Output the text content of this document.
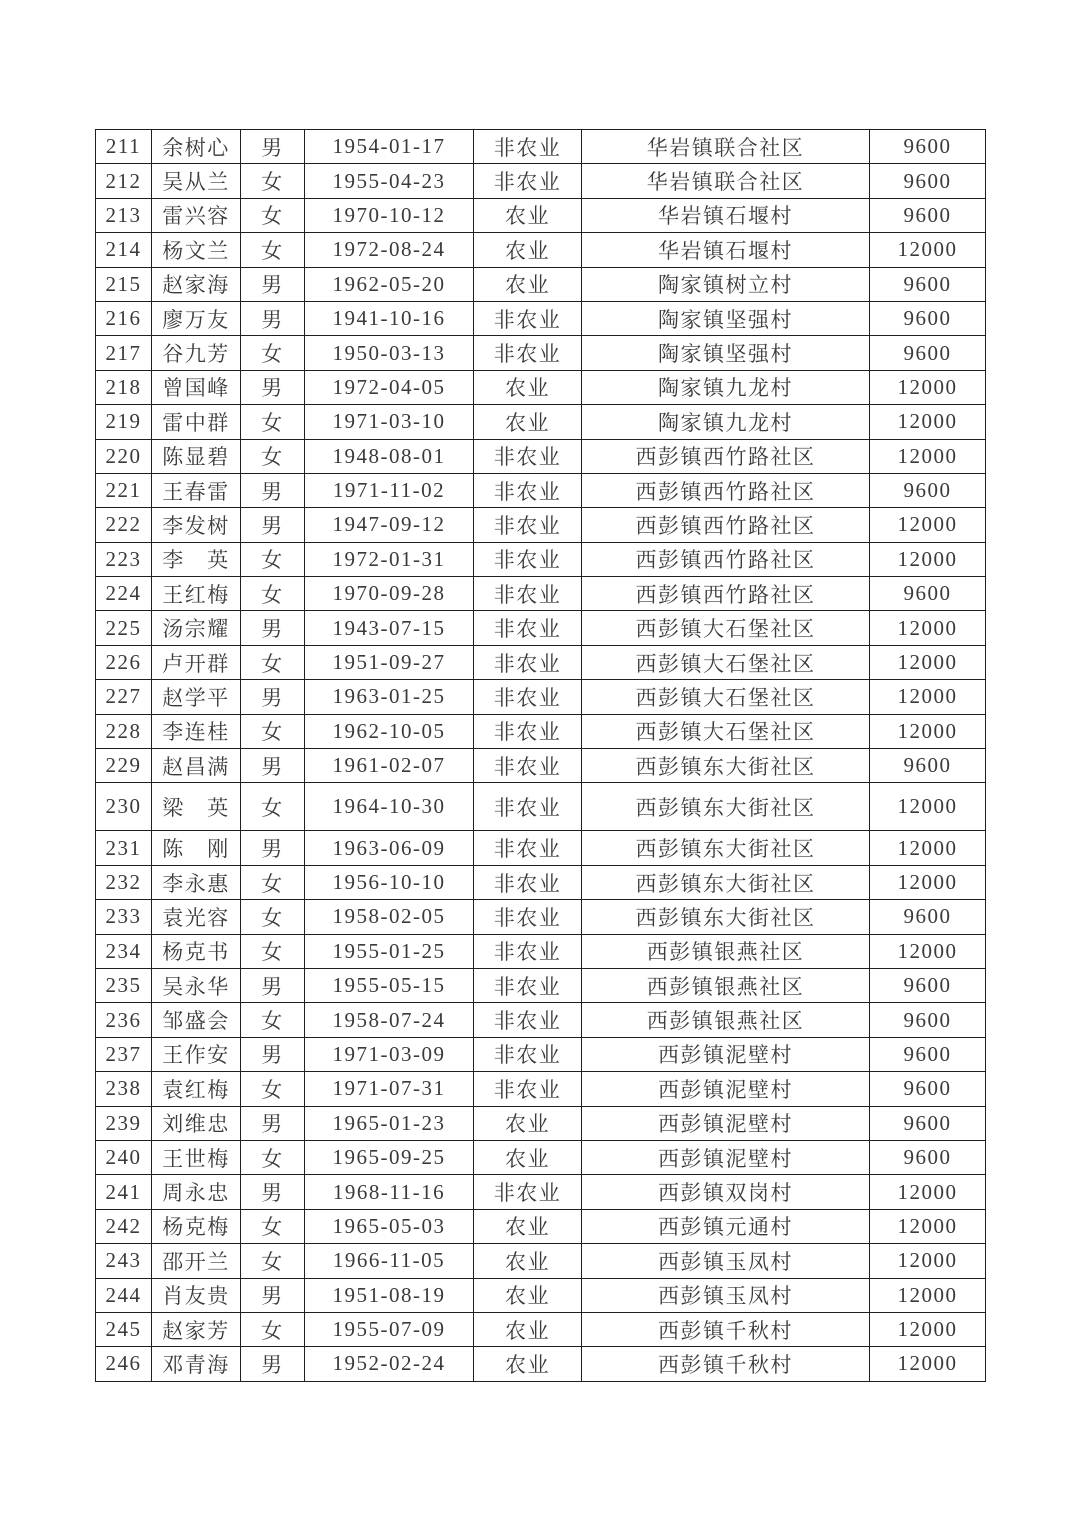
211	余树心	男	1954-01-17	非农业	华岩镇联合社区	9600
212	吴从兰	女	1955-04-23	非农业	华岩镇联合社区	9600
213	雷兴容	女	1970-10-12	农业	华岩镇石堰村	9600
214	杨文兰	女	1972-08-24	农业	华岩镇石堰村	12000
215	赵家海	男	1962-05-20	农业	陶家镇树立村	9600
216	廖万友	男	1941-10-16	非农业	陶家镇坚强村	9600
217	谷九芳	女	1950-03-13	非农业	陶家镇坚强村	9600
218	曾国峰	男	1972-04-05	农业	陶家镇九龙村	12000
219	雷中群	女	1971-03-10	农业	陶家镇九龙村	12000
220	陈显碧	女	1948-08-01	非农业	西彭镇西竹路社区	12000
221	王春雷	男	1971-11-02	非农业	西彭镇西竹路社区	9600
222	李发树	男	1947-09-12	非农业	西彭镇西竹路社区	12000
223	李　英	女	1972-01-31	非农业	西彭镇西竹路社区	12000
224	王红梅	女	1970-09-28	非农业	西彭镇西竹路社区	9600
225	汤宗耀	男	1943-07-15	非农业	西彭镇大石堡社区	12000
226	卢开群	女	1951-09-27	非农业	西彭镇大石堡社区	12000
227	赵学平	男	1963-01-25	非农业	西彭镇大石堡社区	12000
228	李连桂	女	1962-10-05	非农业	西彭镇大石堡社区	12000
229	赵昌满	男	1961-02-07	非农业	西彭镇东大街社区	9600
230	梁　英	女	1964-10-30	非农业	西彭镇东大街社区	12000
231	陈　刚	男	1963-06-09	非农业	西彭镇东大街社区	12000
232	李永惠	女	1956-10-10	非农业	西彭镇东大街社区	12000
233	袁光容	女	1958-02-05	非农业	西彭镇东大街社区	9600
234	杨克书	女	1955-01-25	非农业	西彭镇银燕社区	12000
235	吴永华	男	1955-05-15	非农业	西彭镇银燕社区	9600
236	邹盛会	女	1958-07-24	非农业	西彭镇银燕社区	9600
237	王作安	男	1971-03-09	非农业	西彭镇泥壁村	9600
238	袁红梅	女	1971-07-31	非农业	西彭镇泥壁村	9600
239	刘维忠	男	1965-01-23	农业	西彭镇泥壁村	9600
240	王世梅	女	1965-09-25	农业	西彭镇泥壁村	9600
241	周永忠	男	1968-11-16	非农业	西彭镇双岗村	12000
242	杨克梅	女	1965-05-03	农业	西彭镇元通村	12000
243	邵开兰	女	1966-11-05	农业	西彭镇玉凤村	12000
244	肖友贵	男	1951-08-19	农业	西彭镇玉凤村	12000
245	赵家芳	女	1955-07-09	农业	西彭镇千秋村	12000
246	邓青海	男	1952-02-24	农业	西彭镇千秋村	12000
